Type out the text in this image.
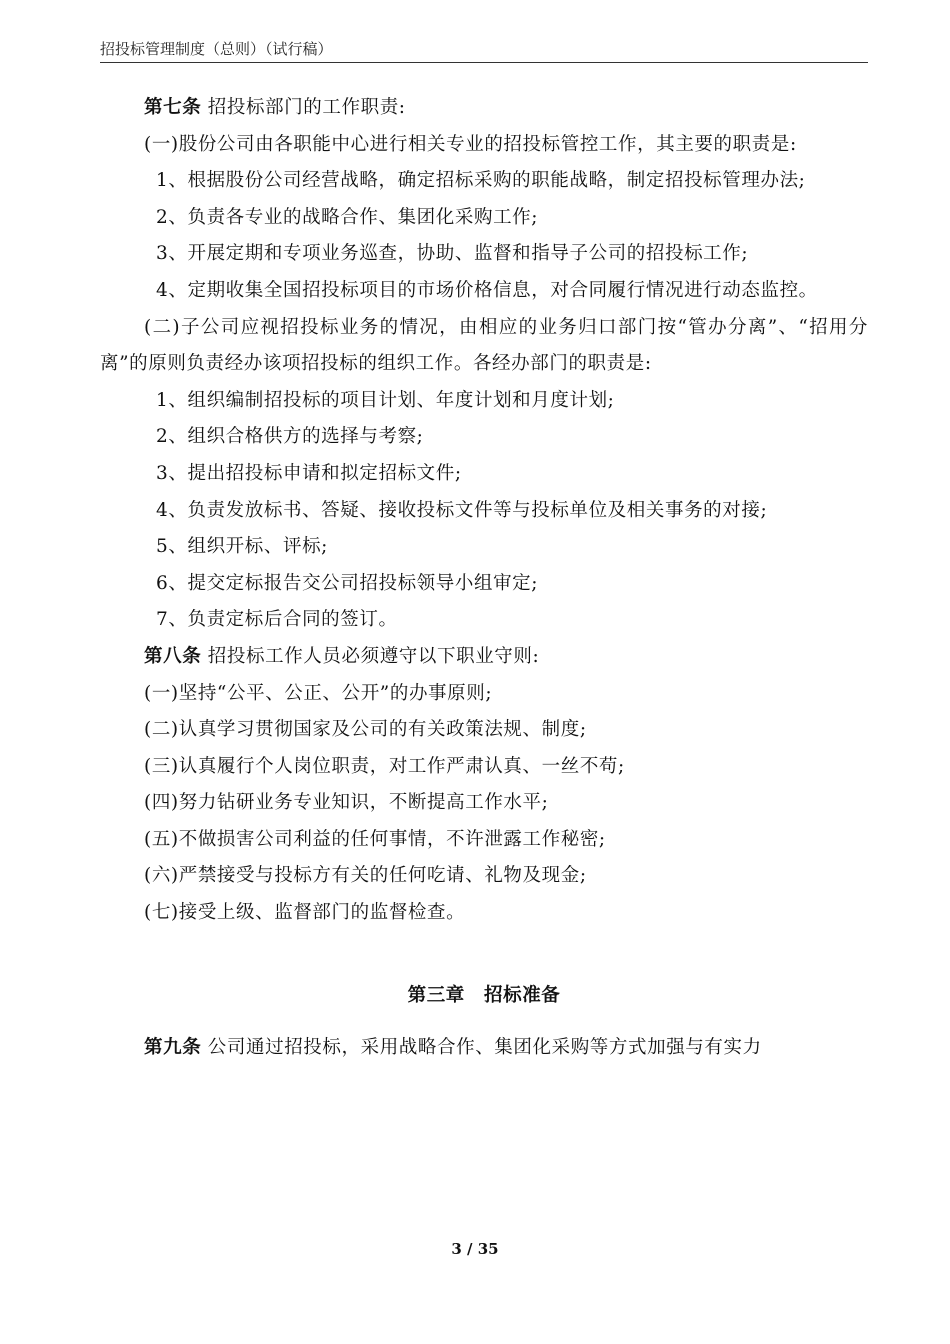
招投标管理制度（总则）（试行稿）

第七条 招投标部门的工作职责:

(一)股份公司由各职能中心进行相关专业的招投标管控工作，其主要的职责是:

1、根据股份公司经营战略，确定招标采购的职能战略，制定招投标管理办法;

2、负责各专业的战略合作、集团化采购工作;

3、开展定期和专项业务巡查，协助、监督和指导子公司的招投标工作;

4、定期收集全国招投标项目的市场价格信息，对合同履行情况进行动态监控。

(二)子公司应视招投标业务的情况，由相应的业务归口部门按“管办分离”、“招用分离”的原则负责经办该项招投标的组织工作。各经办部门的职责是:

1、组织编制招投标的项目计划、年度计划和月度计划;

2、组织合格供方的选择与考察;

3、提出招投标申请和拟定招标文件;

4、负责发放标书、答疑、接收投标文件等与投标单位及相关事务的对接;

5、组织开标、评标;

6、提交定标报告交公司招投标领导小组审定;

7、负责定标后合同的签订。

第八条 招投标工作人员必须遵守以下职业守则:

(一)坚持“公平、公正、公开”的办事原则;

(二)认真学习贯彻国家及公司的有关政策法规、制度;

(三)认真履行个人岗位职责，对工作严肃认真、一丝不苟;

(四)努力钻研业务专业知识，不断提高工作水平;

(五)不做损害公司利益的任何事情，不许泄露工作秘密;

(六)严禁接受与投标方有关的任何吃请、礼物及现金;

(七)接受上级、监督部门的监督检查。

第三章　招标准备

第九条 公司通过招投标，采用战略合作、集团化采购等方式加强与有实力

3 / 35
